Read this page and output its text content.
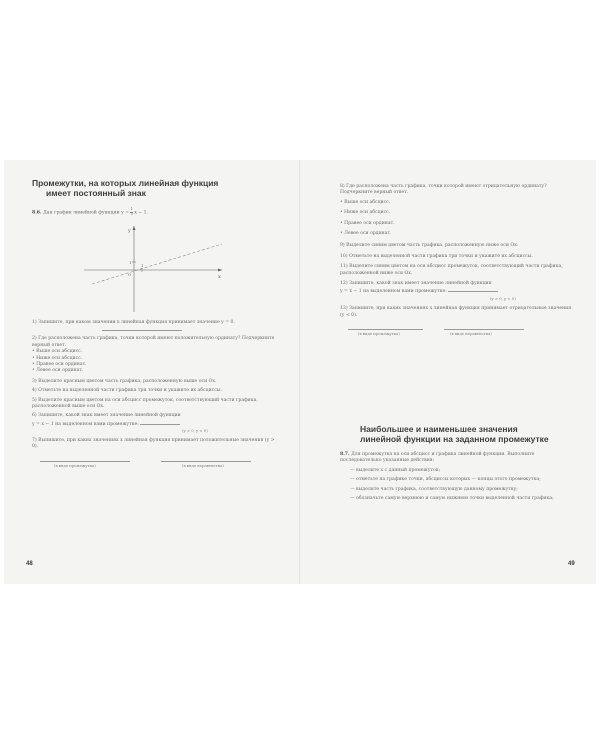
Промежутки, на которых линейная функция
имеет постоянный знак
8.6. Дан график линейной функции $y = \frac{1}{3}$ x − 1.
y
x
O
1
1
1) Запишите, при каком значении x линейная функция принимает значение y = 0.
2) Где расположена часть графика, точки которой имеют положительную ординату? Подчеркните верный ответ.
• Выше оси абсцисс.
• Ниже оси абсцисс.
• Правее оси ординат.
• Левее оси ординат.
3) Выделите красным цветом часть графика, расположенную выше оси Ox.
4) Отметьте на выделенной части графика три точки и укажите их абсциссы.
5) Выделите красным цветом на оси абсцисс промежуток, соответствующий части графика, расположенной выше оси Ox.
6) Запишите, какой знак имеет значение линейной функции
y = x − 1 на выделенном вами промежутке:
(y > 0, y < 0)
7) Выпишите, при каких значениях x линейная функция принимает положительные значения (y > 0).

(в виде промежутка)	(в виде неравенства)
48
8) Где расположена часть графика, точки которой имеют отрицательную ординату? Подчеркните верный ответ.
• Выше оси абсцисс.
• Ниже оси абсцисс.
• Правее оси ординат.
• Левее оси ординат.
9) Выделите синим цветом часть графика, расположенную ниже оси Ox.
10) Отметьте на выделенной части графика три точки и укажите их абсциссы.
11) Выделите синим цветом на оси абсцисс промежуток, соответствующий части графика, расположенной ниже оси Ox.
12) Запишите, какой знак имеет значение линейной функции
y = x − 1 на выделенном вами промежутке:
(y > 0, y < 0)
13) Запишите, при каких значениях x линейная функция принимает отрицательные значения (y < 0).

(в виде промежутка)	(в виде неравенства)
Наибольшее и наименьшее значения
линейной функции на заданном промежутке
8.7. Для промежутка на оси абсцисс и графика линейной функции. Выполните последовательно указанные действия:
— выделите x с данный промежуток;
— отметьте на графике точки, абсциссы которых — концы этого промежутка;
— выделите часть графика, соответствующую данному промежутку;
— обозначьте самую верхнюю и самую нижнюю точки выделенной части графика;
49
